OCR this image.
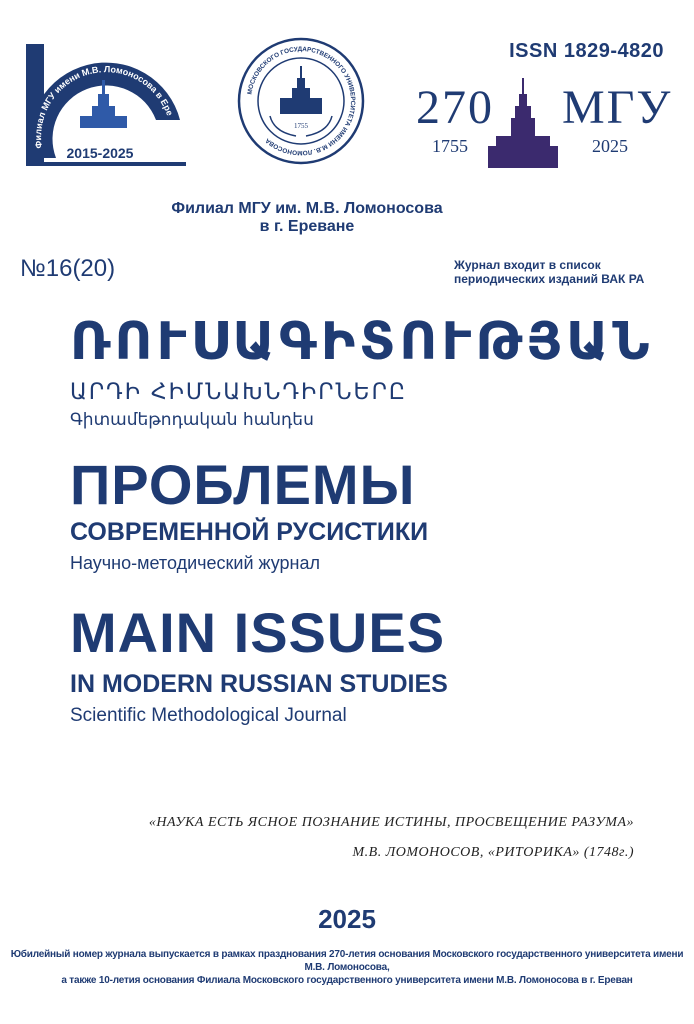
Филиал МГУ имени М.В. Ломоносова в Ере
2015-2025
МОСКОВСКОГО ГОСУДАРСТВЕННОГО УНИВЕРСИТЕТА ИМЕНИ М.В. ЛОМОНОСОВА
1755
ISSN 1829-4820
270 МГУ
1755	2025
Филиал МГУ им. М.В. Ломоносова
в г. Ереване
№16(20)	Журнал входит в список
периодических изданий ВАК РА
ՌՈՒՍԱԳԻՏՈՒԹՅԱՆ
ԱՐԴԻ ՀԻՄՆԱԽՆԴԻՐՆԵՐԸ
Գիտամեթոդական հանդես
ПРОБЛЕМЫ
СОВРЕМЕННОЙ РУСИСТИКИ
Научно-методический журнал
MAIN ISSUES
IN MODERN RUSSIAN STUDIES
Scientific Methodological Journal
«НАУКА ЕСТЬ ЯСНОЕ ПОЗНАНИЕ ИСТИНЫ, ПРОСВЕЩЕНИЕ РАЗУМА»
М.В. ЛОМОНОСОВ, «РИТОРИКА» (1748г.)
2025
Юбилейный номер журнала выпускается в рамках празднования 270-летия основания Московского государственного университета имени М.В. Ломоносова,
а также 10-летия основания Филиала Московского государственного университета имени М.В. Ломоносова в г. Ереван
